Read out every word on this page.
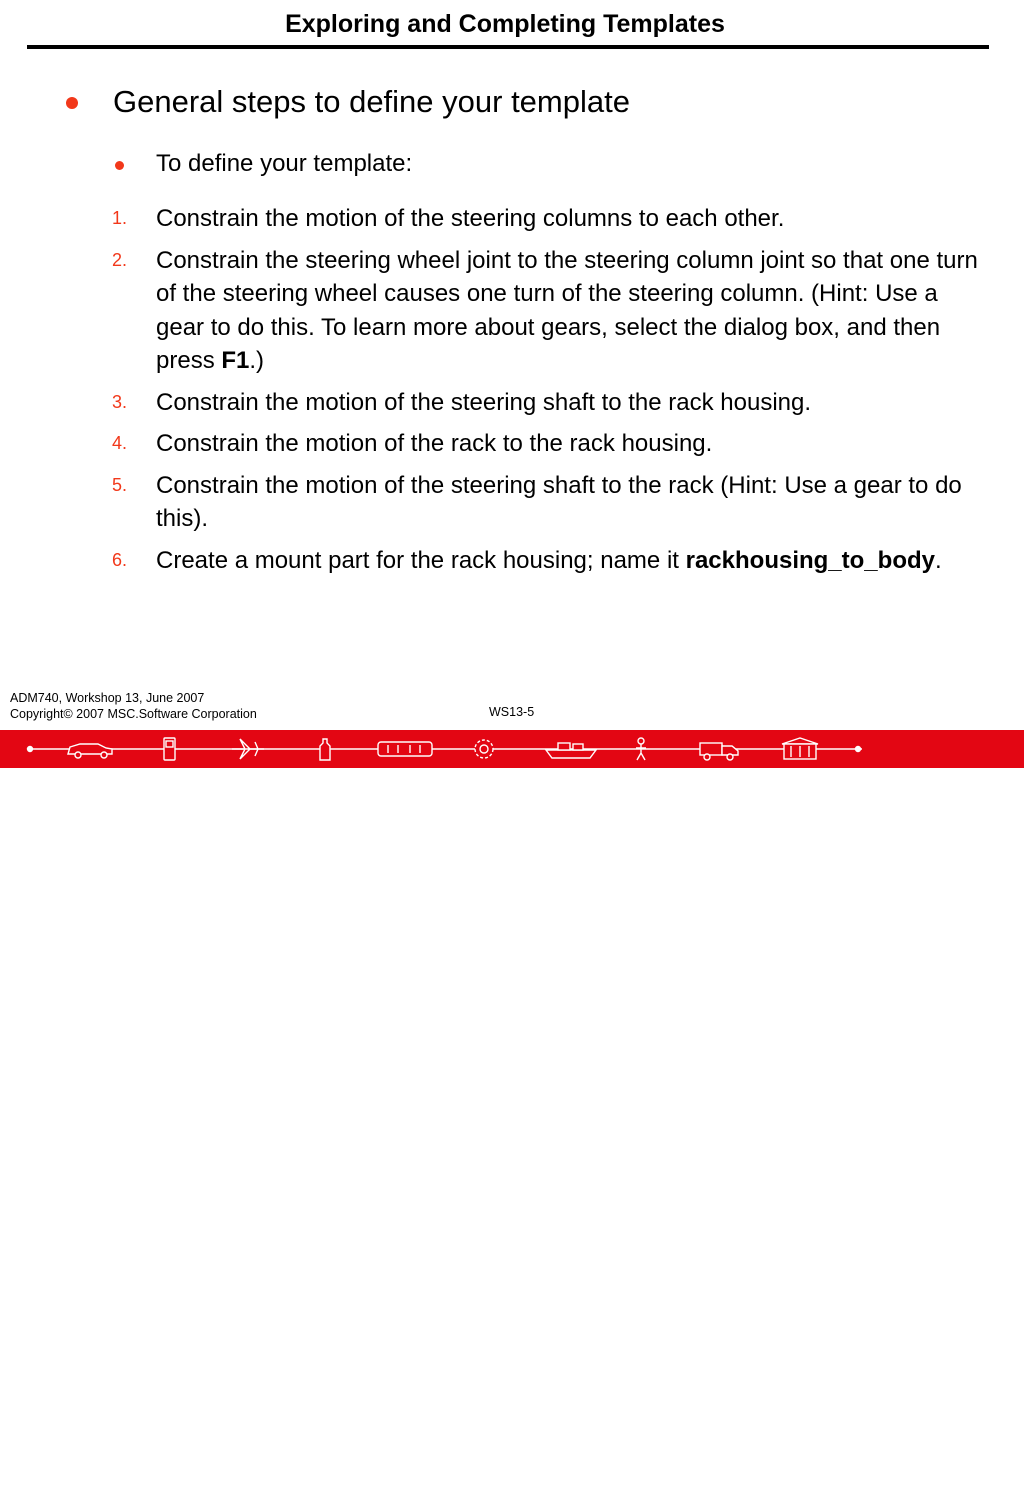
Exploring and Completing Templates
General steps to define your template
To define your template:
1. Constrain the motion of the steering columns to each other.
2. Constrain the steering wheel joint to the steering column joint so that one turn of the steering wheel causes one turn of the steering column. (Hint: Use a gear to do this. To learn more about gears, select the dialog box, and then press F1.)
3. Constrain the motion of the steering shaft to the rack housing.
4. Constrain the motion of the rack to the rack housing.
5. Constrain the motion of the steering shaft to the rack (Hint: Use a gear to do this).
6. Create a mount part for the rack housing; name it rackhousing_to_body.
ADM740, Workshop 13, June 2007
Copyright© 2007 MSC.Software Corporation	WS13-5
MSC✕Software
